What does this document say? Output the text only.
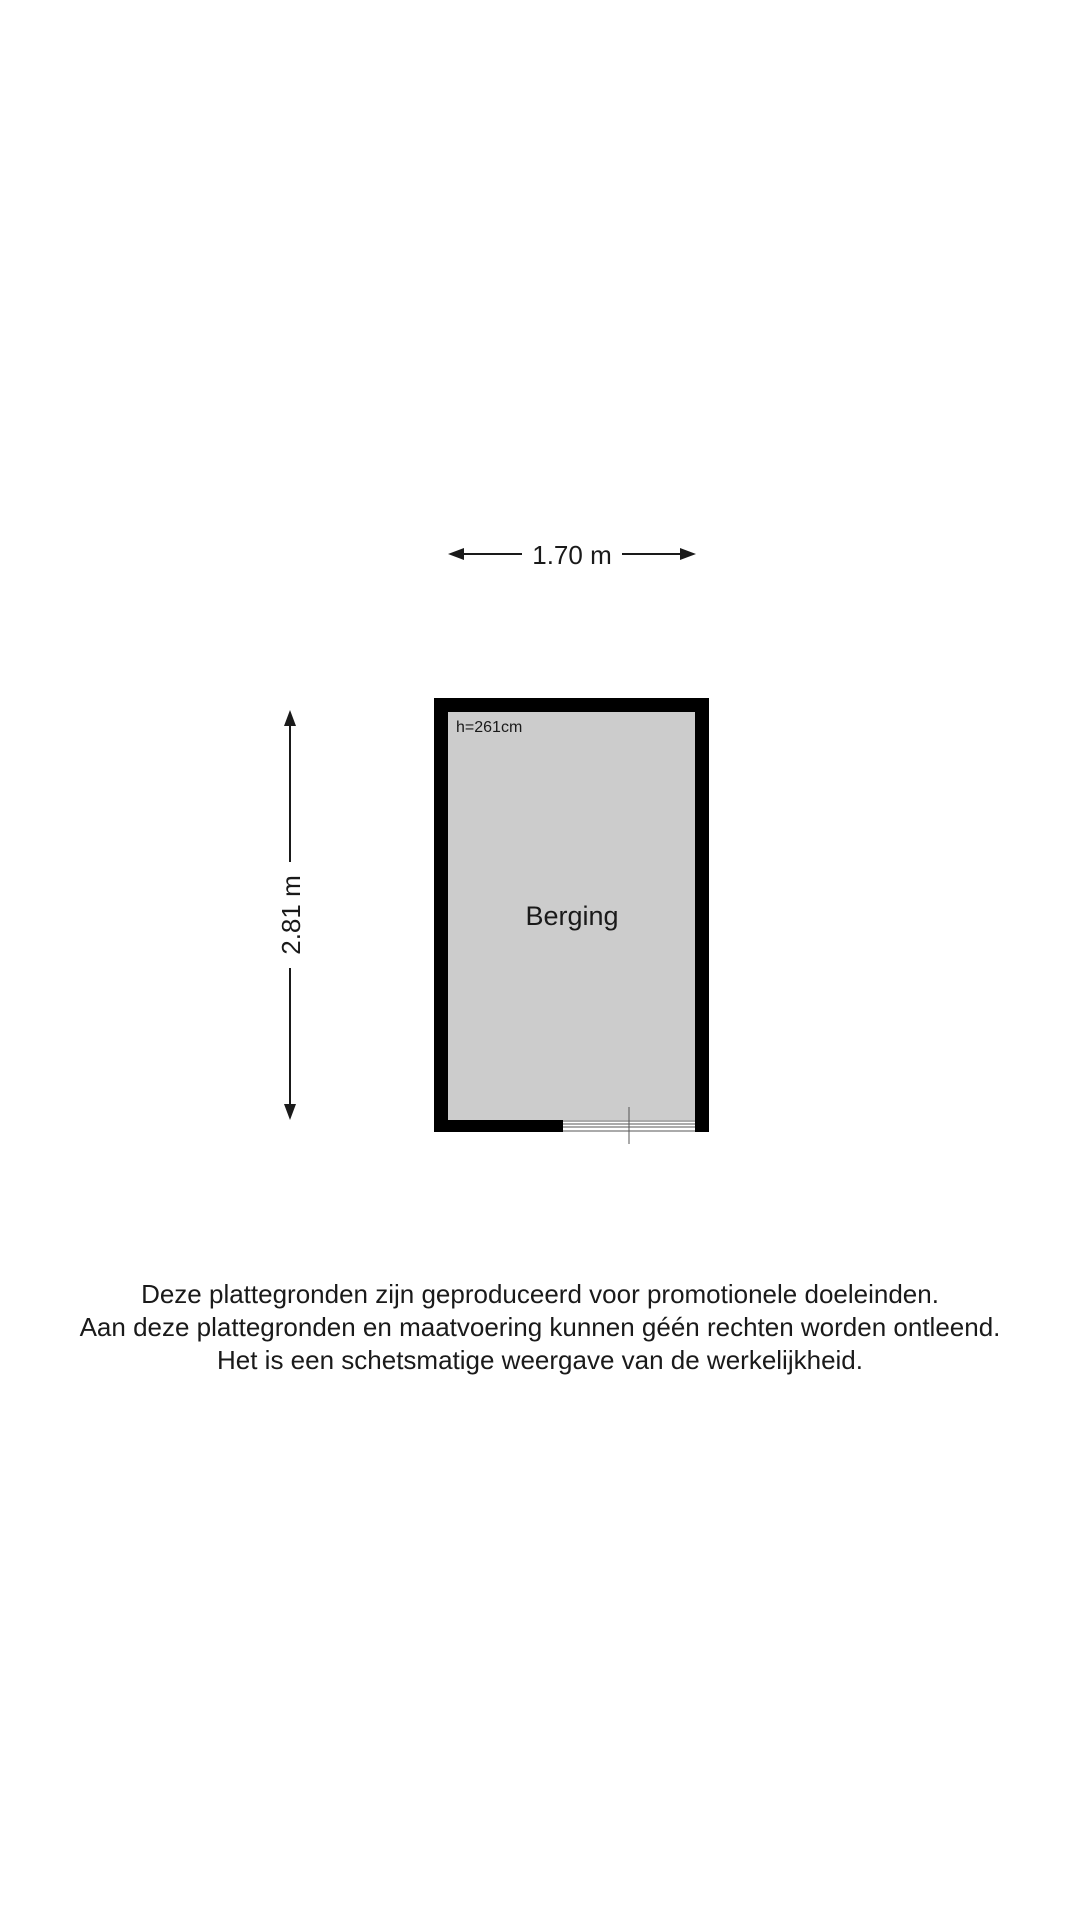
1.70 m
2.81 m
h=261cm
Berging
Deze plattegronden zijn geproduceerd voor promotionele doeleinden.
Aan deze plattegronden en maatvoering kunnen géén rechten worden ontleend.
Het is een schetsmatige weergave van de werkelijkheid.
